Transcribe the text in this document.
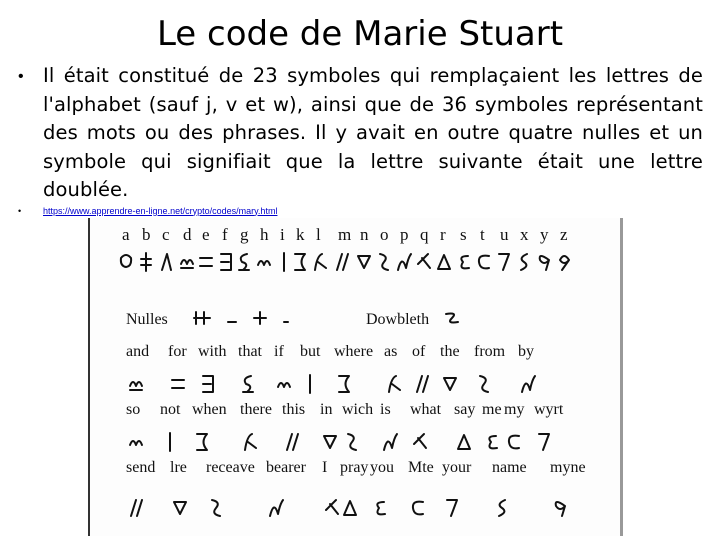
Le code de Marie Stuart
• Il était constitué de 23 symboles qui remplaçaient les lettres de l'alphabet (sauf j, v et w), ainsi que de 36 symboles représentant des mots ou des phrases. Il y avait en outre quatre nulles et un symbole qui signifiait que la lettre suivante était une lettre doublée.
•	https://www.apprendre-en-ligne.net/crypto/codes/mary.html
a b c d e f g h i k l m n o p q r s t u x y z
Nulles	Dowbleth
and for with that if but where as of the from by
so not when there this in wich is what say me my wyrt
send lre receave bearer I pray you Mte your name myne
